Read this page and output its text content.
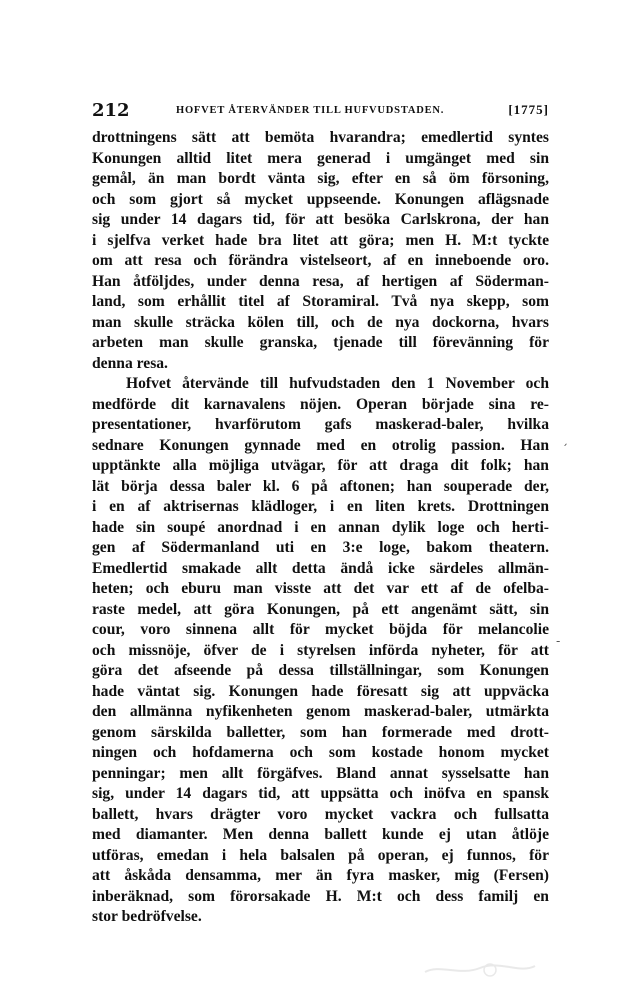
212	HOFVET ÅTERVÄNDER TILL HUFVUDSTADEN.	[1775]
drottningens sätt att bemöta hvarandra; emedlertid syntes
Konungen alltid litet mera generad i umgänget med sin
gemål, än man bordt vänta sig, efter en så öm försoning,
och som gjort så mycket uppseende. Konungen aflägsnade
sig under 14 dagars tid, för att besöka Carlskrona, der han
i sjelfva verket hade bra litet att göra; men H. M:t tyckte
om att resa och förändra vistelseort, af en inneboende oro.
Han åtföljdes, under denna resa, af hertigen af Söderman-
land, som erhållit titel af Storamiral. Två nya skepp, som
man skulle sträcka kölen till, och de nya dockorna, hvars
arbeten man skulle granska, tjenade till förevänning för
denna resa.
Hofvet återvände till hufvudstaden den 1 November och
medförde dit karnavalens nöjen. Operan började sina re-
presentationer, hvarförutom gafs maskerad-baler, hvilka
sednare Konungen gynnade med en otrolig passion. Han
upptänkte alla möjliga utvägar, för att draga dit folk; han
lät börja dessa baler kl. 6 på aftonen; han souperade der,
i en af aktrisernas klädloger, i en liten krets. Drottningen
hade sin soupé anordnad i en annan dylik loge och herti-
gen af Södermanland uti en 3:e loge, bakom theatern.
Emedlertid smakade allt detta ändå icke särdeles allmän-
heten; och eburu man visste att det var ett af de ofelba-
raste medel, att göra Konungen, på ett angenämt sätt, sin
cour, voro sinnena allt för mycket böjda för melancolie
och missnöje, öfver de i styrelsen införda nyheter, för att
göra det afseende på dessa tillställningar, som Konungen
hade väntat sig. Konungen hade föresatt sig att uppväcka
den allmänna nyfikenheten genom maskerad-baler, utmärkta
genom särskilda balletter, som han formerade med drott-
ningen och hofdamerna och som kostade honom mycket
penningar; men allt förgäfves. Bland annat sysselsatte han
sig, under 14 dagars tid, att uppsätta och inöfva en spansk
ballett, hvars drägter voro mycket vackra och fullsatta
med diamanter. Men denna ballett kunde ej utan åtlöje
utföras, emedan i hela balsalen på operan, ej funnos, för
att åskåda densamma, mer än fyra masker, mig (Fersen)
inberäknad, som förorsakade H. M:t och dess familj en
stor bedröfvelse.
ˏ
-
